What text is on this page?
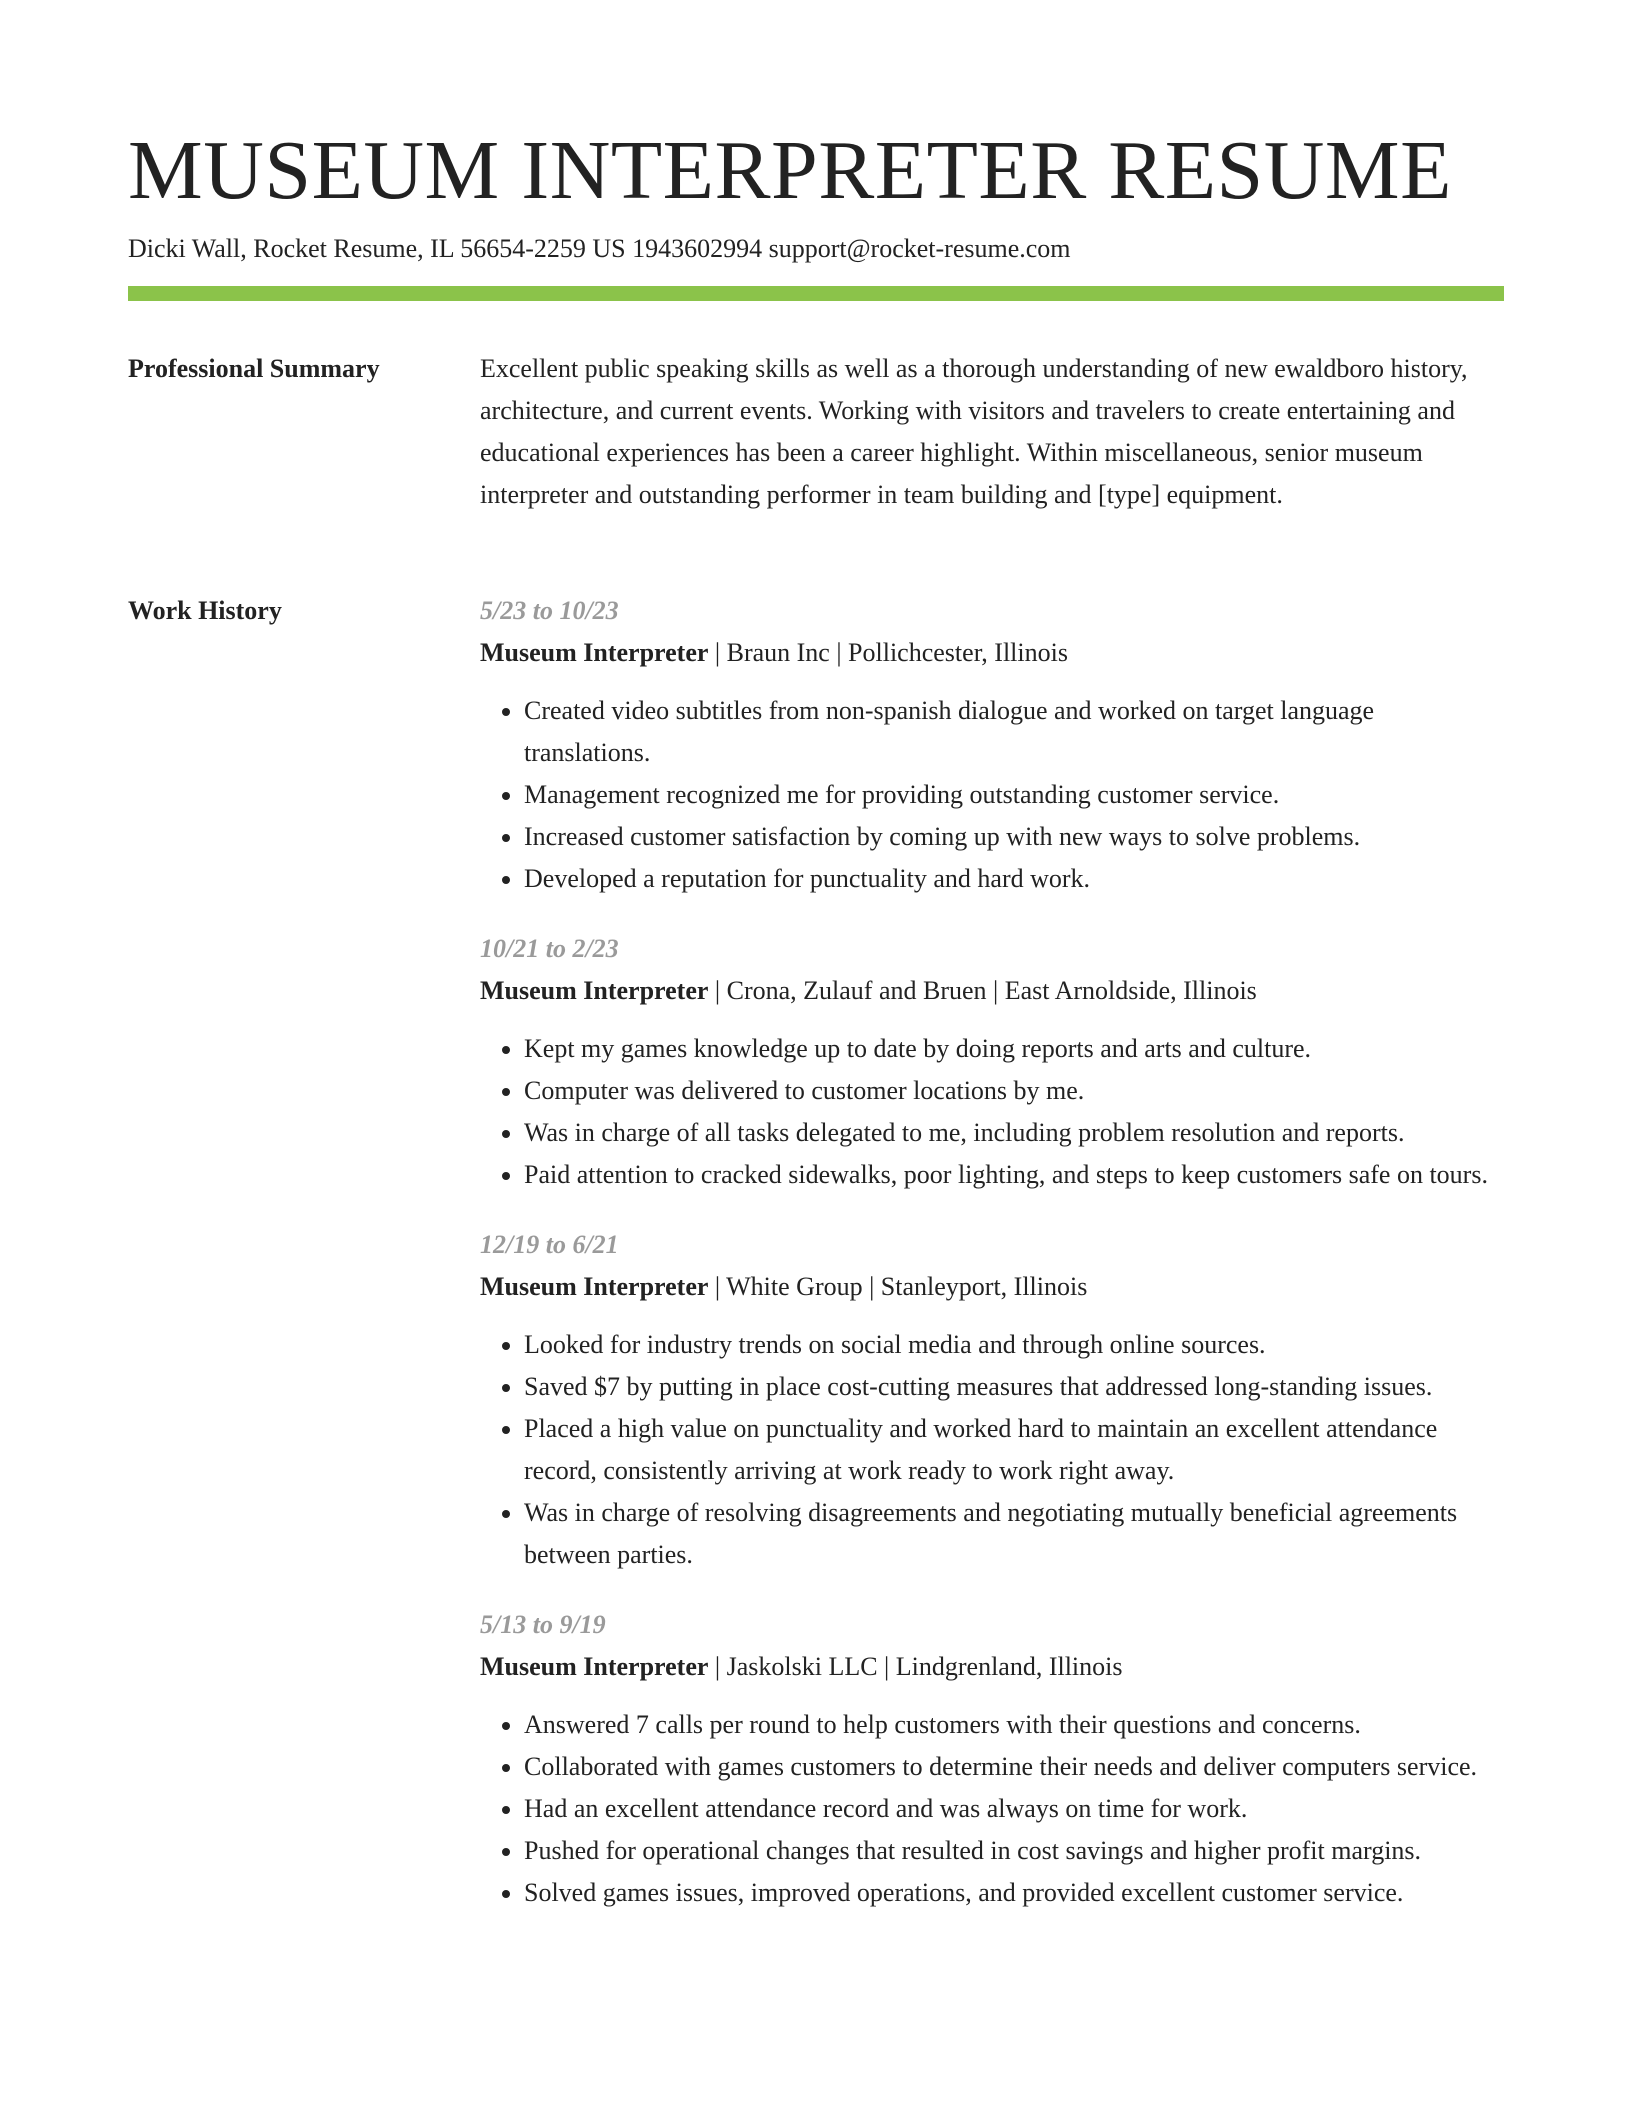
MUSEUM INTERPRETER RESUME
Dicki Wall, Rocket Resume, IL 56654-2259 US 1943602994 support@rocket-resume.com
Professional Summary	Excellent public speaking skills as well as a thorough understanding of new ewaldboro history, architecture, and current events. Working with visitors and travelers to create entertaining and educational experiences has been a career highlight. Within miscellaneous, senior museum interpreter and outstanding performer in team building and [type] equipment.

Work History	5/23 to 10/23
Museum Interpreter | Braun Inc | Pollichcester, Illinois
• Created video subtitles from non-spanish dialogue and worked on target language translations.
• Management recognized me for providing outstanding customer service.
• Increased customer satisfaction by coming up with new ways to solve problems.
• Developed a reputation for punctuality and hard work.
10/21 to 2/23
Museum Interpreter | Crona, Zulauf and Bruen | East Arnoldside, Illinois
• Kept my games knowledge up to date by doing reports and arts and culture.
• Computer was delivered to customer locations by me.
• Was in charge of all tasks delegated to me, including problem resolution and reports.
• Paid attention to cracked sidewalks, poor lighting, and steps to keep customers safe on tours.
12/19 to 6/21
Museum Interpreter | White Group | Stanleyport, Illinois
• Looked for industry trends on social media and through online sources.
• Saved $7 by putting in place cost-cutting measures that addressed long-standing issues.
• Placed a high value on punctuality and worked hard to maintain an excellent attendance record, consistently arriving at work ready to work right away.
• Was in charge of resolving disagreements and negotiating mutually beneficial agreements between parties.
5/13 to 9/19
Museum Interpreter | Jaskolski LLC | Lindgrenland, Illinois
• Answered 7 calls per round to help customers with their questions and concerns.
• Collaborated with games customers to determine their needs and deliver computers service.
• Had an excellent attendance record and was always on time for work.
• Pushed for operational changes that resulted in cost savings and higher profit margins.
• Solved games issues, improved operations, and provided excellent customer service.
